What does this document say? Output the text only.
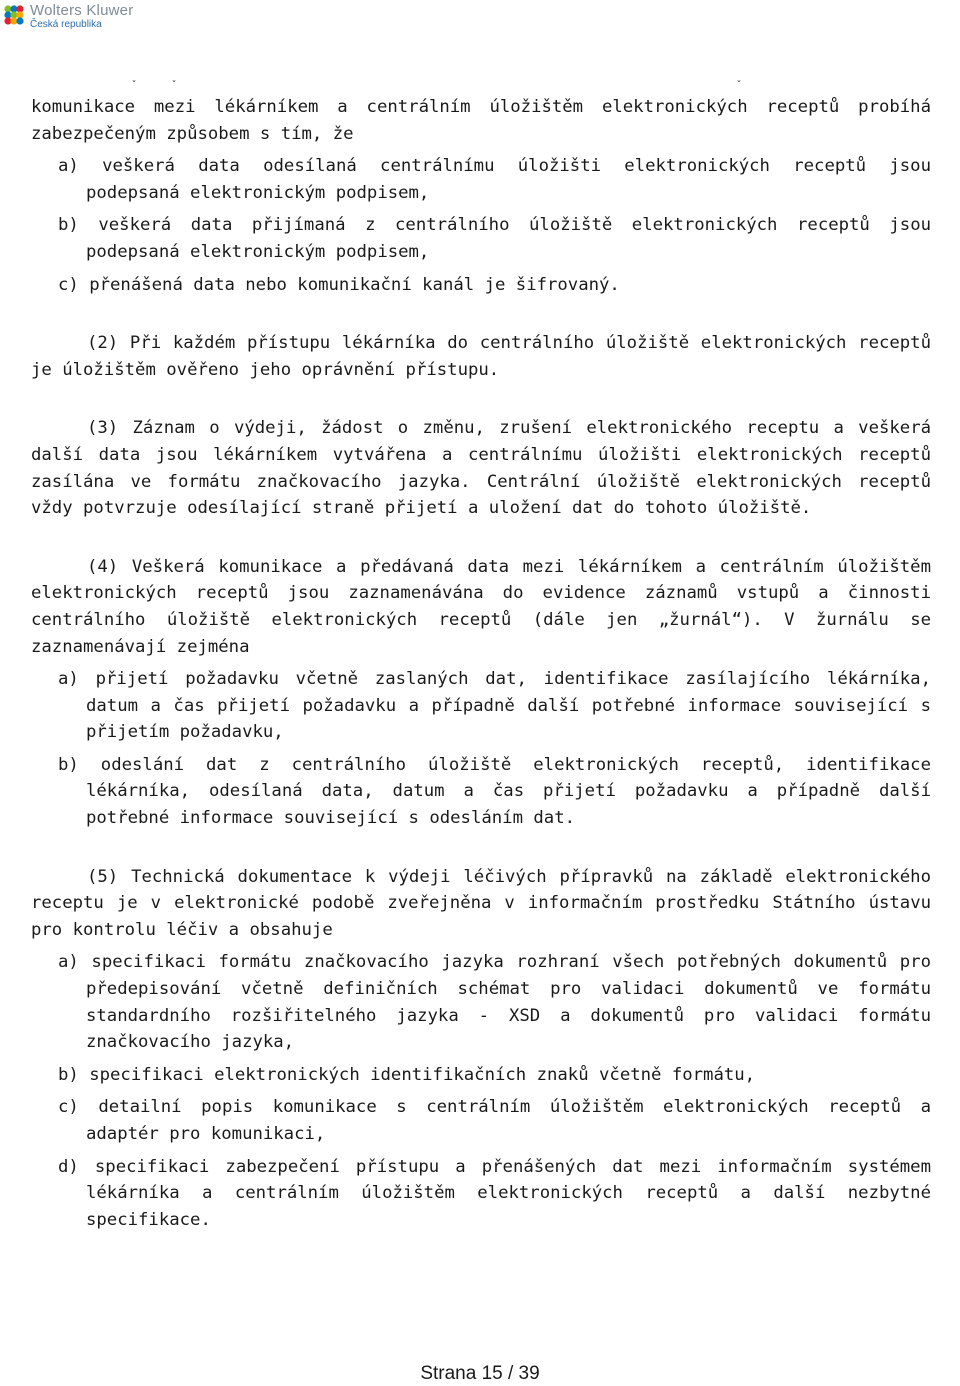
Wolters Kluwer
Česká republika
ˇ	ˇ	ˇ

komunikace mezi lékárníkem a centrálním úložištěm elektronických receptů probíhá zabezpečeným způsobem s tím, že

a) veškerá data odesílaná centrálnímu úložišti elektronických receptů jsou podepsaná elektronickým podpisem,

b) veškerá data přijímaná z centrálního úložiště elektronických receptů jsou podepsaná elektronickým podpisem,

c) přenášená data nebo komunikační kanál je šifrovaný.

(2) Při každém přístupu lékárníka do centrálního úložiště elektronických receptů je úložištěm ověřeno jeho oprávnění přístupu.

(3) Záznam o výdeji, žádost o změnu, zrušení elektronického receptu a veškerá další data jsou lékárníkem vytvářena a centrálnímu úložišti elektronických receptů zasílána ve formátu značkovacího jazyka. Centrální úložiště elektronických receptů vždy potvrzuje odesílající straně přijetí a uložení dat do tohoto úložiště.

(4) Veškerá komunikace a předávaná data mezi lékárníkem a centrálním úložištěm elektronických receptů jsou zaznamenávána do evidence záznamů vstupů a činnosti centrálního úložiště elektronických receptů (dále jen „žurnál“). V žurnálu se zaznamenávají zejména

a) přijetí požadavku včetně zaslaných dat, identifikace zasílajícího lékárníka, datum a čas přijetí požadavku a případně další potřebné informace související s přijetím požadavku,

b) odeslání dat z centrálního úložiště elektronických receptů, identifikace lékárníka, odesílaná data, datum a čas přijetí požadavku a případně další potřebné informace související s odesláním dat.

(5) Technická dokumentace k výdeji léčivých přípravků na základě elektronického receptu je v elektronické podobě zveřejněna v informačním prostředku Státního ústavu pro kontrolu léčiv a obsahuje

a) specifikaci formátu značkovacího jazyka rozhraní všech potřebných dokumentů pro předepisování včetně definičních schémat pro validaci dokumentů ve formátu standardního rozšiřitelného jazyka - XSD a dokumentů pro validaci formátu značkovacího jazyka,

b) specifikaci elektronických identifikačních znaků včetně formátu,

c) detailní popis komunikace s centrálním úložištěm elektronických receptů a adaptér pro komunikaci,

d) specifikaci zabezpečení přístupu a přenášených dat mezi informačním systémem lékárníka a centrálním úložištěm elektronických receptů a další nezbytné specifikace.

Strana 15 / 39
